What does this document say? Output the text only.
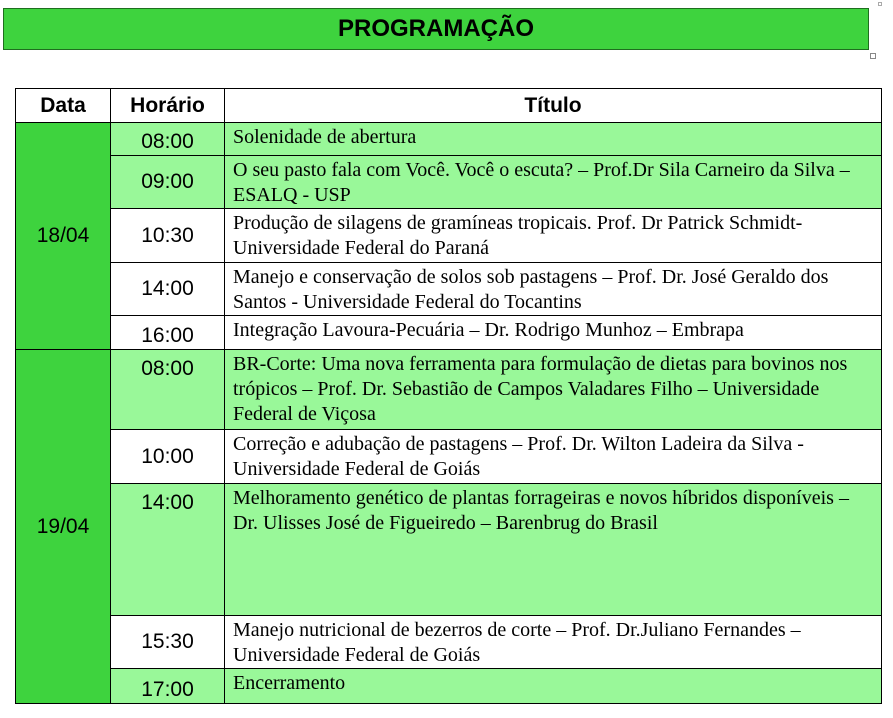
PROGRAMAÇÃO
Data	Horário	Título
18/04	08:00	Solenidade de abertura
	09:00	O seu pasto fala com Você. Você o escuta? – Prof.Dr Sila Carneiro da Silva – ESALQ - USP
	10:30	Produção de silagens de gramíneas tropicais. Prof. Dr Patrick Schmidt-Universidade Federal do Paraná
	14:00	Manejo e conservação de solos sob pastagens – Prof. Dr. José Geraldo dos Santos - Universidade Federal do Tocantins
	16:00	Integração Lavoura-Pecuária – Dr. Rodrigo Munhoz – Embrapa
19/04	08:00	BR-Corte: Uma nova ferramenta para formulação de dietas para bovinos nos trópicos – Prof. Dr. Sebastião de Campos Valadares Filho – Universidade Federal de Viçosa
	10:00	Correção e adubação de pastagens – Prof. Dr. Wilton Ladeira da Silva - Universidade Federal de Goiás
	14:00	Melhoramento genético de plantas forrageiras e novos híbridos disponíveis – Dr. Ulisses José de Figueiredo – Barenbrug do Brasil
	15:30	Manejo nutricional de bezerros de corte – Prof. Dr.Juliano Fernandes – Universidade Federal de Goiás
	17:00	Encerramento
